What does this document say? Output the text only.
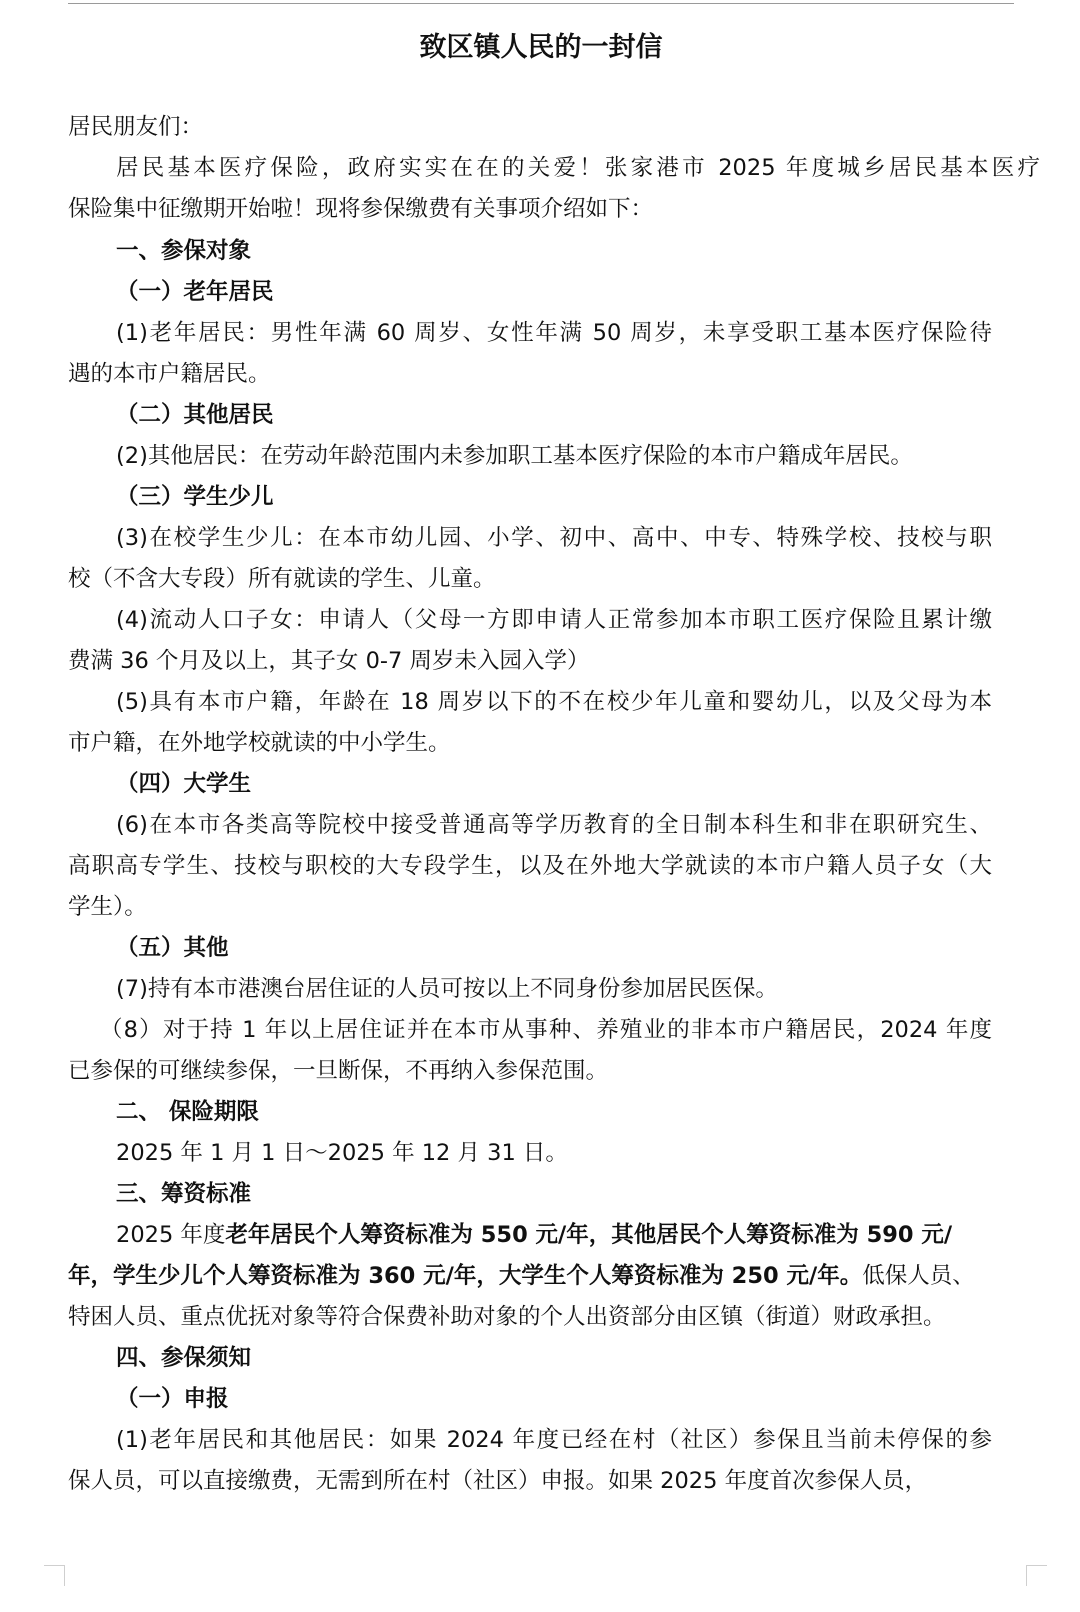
致区镇人民的一封信
居民朋友们：
居民基本医疗保险，政府实实在在的关爱！张家港市 2025 年度城乡居民基本医疗
保险集中征缴期开始啦！现将参保缴费有关事项介绍如下：
一、参保对象
（一）老年居民
(1)老年居民：男性年满 60 周岁、女性年满 50 周岁，未享受职工基本医疗保险待
遇的本市户籍居民。
（二）其他居民
(2)其他居民：在劳动年龄范围内未参加职工基本医疗保险的本市户籍成年居民。
（三）学生少儿
(3)在校学生少儿：在本市幼儿园、小学、初中、高中、中专、特殊学校、技校与职
校（不含大专段）所有就读的学生、儿童。
(4)流动人口子女：申请人（父母一方即申请人正常参加本市职工医疗保险且累计缴
费满 36 个月及以上，其子女 0-7 周岁未入园入学）
(5)具有本市户籍，年龄在 18 周岁以下的不在校少年儿童和婴幼儿，以及父母为本
市户籍，在外地学校就读的中小学生。
（四）大学生
(6)在本市各类高等院校中接受普通高等学历教育的全日制本科生和非在职研究生、
高职高专学生、技校与职校的大专段学生，以及在外地大学就读的本市户籍人员子女（大
学生）。
（五）其他
(7)持有本市港澳台居住证的人员可按以上不同身份参加居民医保。
（8）对于持 1 年以上居住证并在本市从事种、养殖业的非本市户籍居民，2024 年度
已参保的可继续参保，一旦断保，不再纳入参保范围。
二、 保险期限
2025 年 1 月 1 日～2025 年 12 月 31 日。
三、筹资标准
2025 年度老年居民个人筹资标准为 550 元/年，其他居民个人筹资标准为 590 元/
年，学生少儿个人筹资标准为 360 元/年，大学生个人筹资标准为 250 元/年。低保人员、
特困人员、重点优抚对象等符合保费补助对象的个人出资部分由区镇（街道）财政承担。
四、参保须知
（一）申报
(1)老年居民和其他居民：如果 2024 年度已经在村（社区）参保且当前未停保的参
保人员，可以直接缴费，无需到所在村（社区）申报。如果 2025 年度首次参保人员，
